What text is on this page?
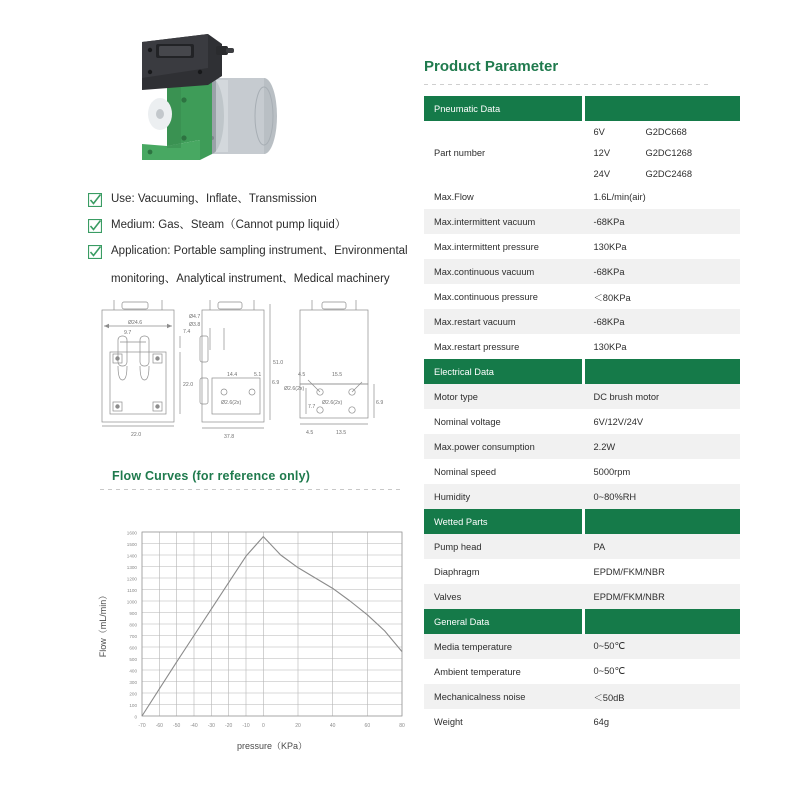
Use: Vacuuming、Inflate、Transmission
Medium: Gas、Steam（Cannot pump liquid）
Application: Portable sampling instrument、Environmental
monitoring、Analytical instrument、Medical machinery
Ø24.6
9.7
22.0
22.0
7.4
Ø4.7
Ø3.8
37.8
14.4	5.1
6.9
Ø2.6(2x)
51.0
4.5	15.5
Ø2.6(2x)
Ø2.6(2x)
7.7
6.9
4.5	13.5
Flow Curves (for reference only)
0
100
200
300
400
500
600
700
800
900
1000
1100
1200
1300
1400
1500
1600
-70 -60 -50 -40 -30 -20 -10 0	20	40	60	80
pressure（KPa）
Flow（mL/min）
Product Parameter
Pneumatic Data	
Part number	
6V	G2DC668
12V	G2DC1268
24V	G2DC2468

Max.Flow	1.6L/min(air)
Max.intermittent vacuum	-68KPa
Max.intermittent pressure	130KPa
Max.continuous vacuum	-68KPa
Max.continuous pressure	＜80KPa
Max.restart vacuum	-68KPa
Max.restart pressure	130KPa
Electrical Data	
Motor type	DC brush motor
Nominal voltage	6V/12V/24V
Max.power consumption	2.2W
Nominal speed	5000rpm
Humidity	0~80%RH
Wetted Parts	
Pump head	PA
Diaphragm	EPDM/FKM/NBR
Valves	EPDM/FKM/NBR
General Data	
Media temperature	0~50℃
Ambient temperature	0~50℃
Mechanicalness noise	＜50dB
Weight	64g
